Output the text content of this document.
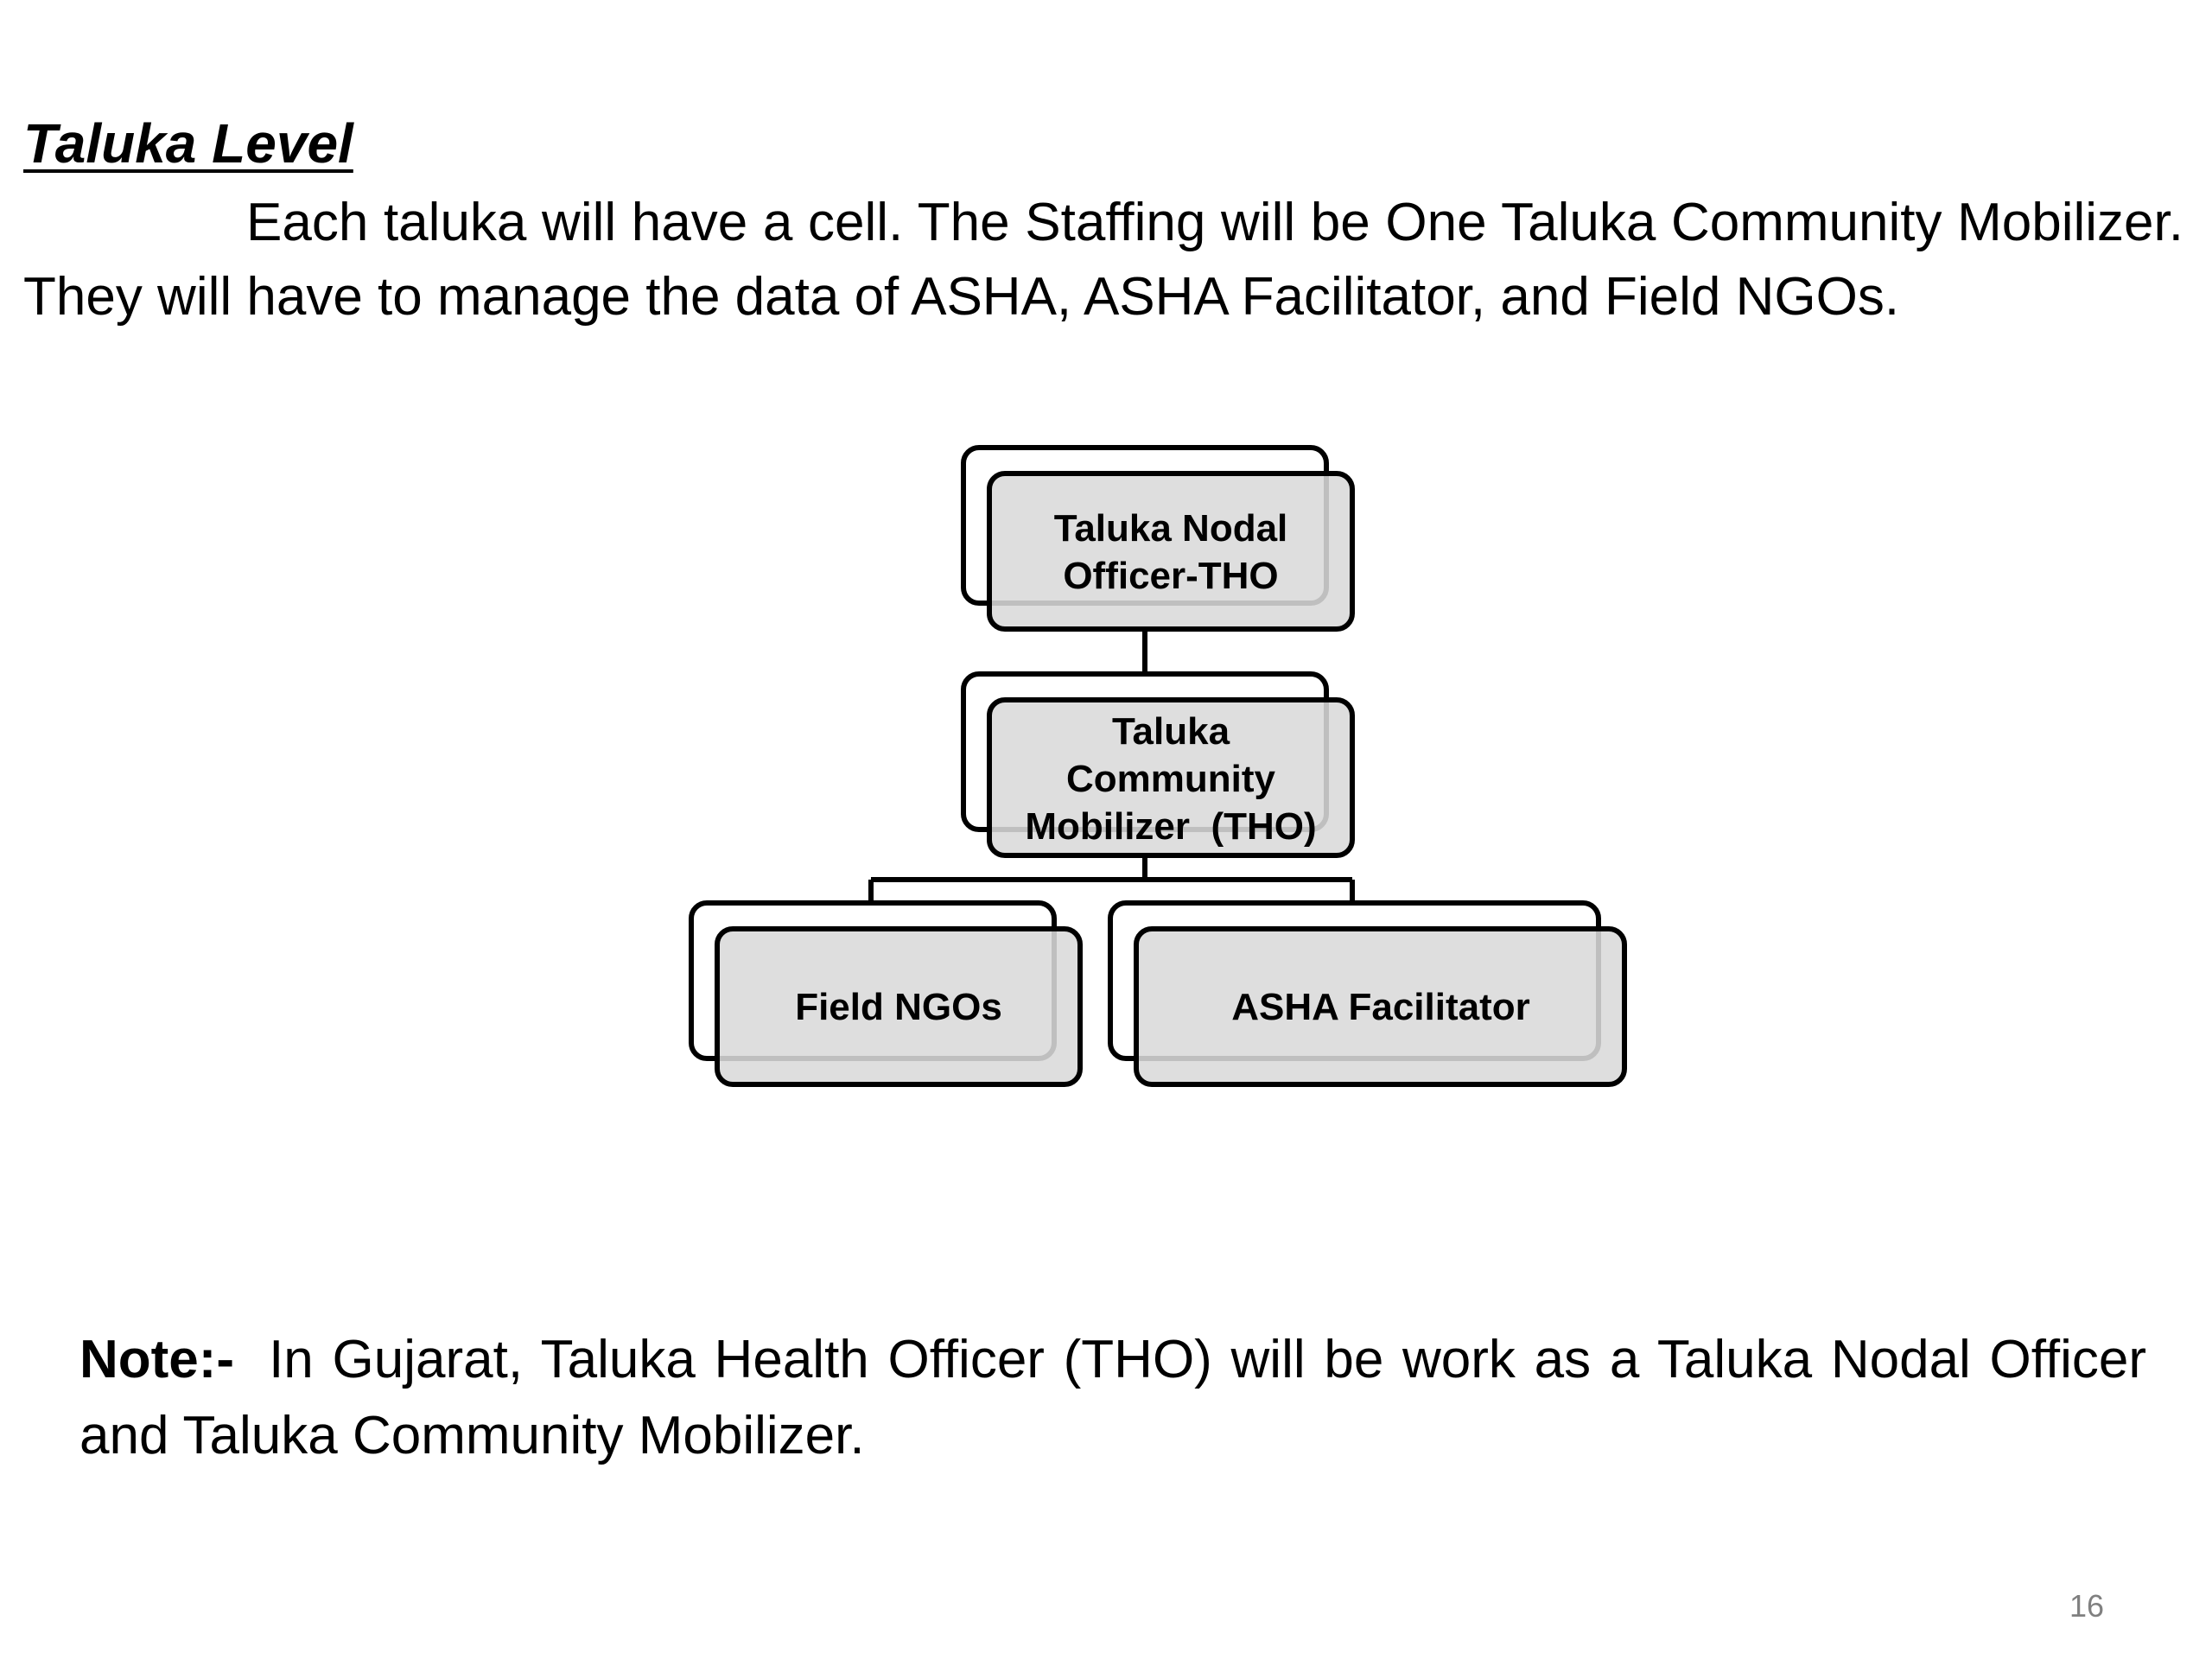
Taluka Level

Each taluka will have a cell. The Staffing will be One Taluka Community Mobilizer. They will have to manage the data of ASHA, ASHA Facilitator, and Field NGOs.

Taluka Nodal
Officer-THO
Taluka
Community
Mobilizer  (THO)
Field NGOs	ASHA Facilitator

Note:- In Gujarat, Taluka Health Officer (THO) will be work as a Taluka Nodal Officer and Taluka Community Mobilizer.

16
